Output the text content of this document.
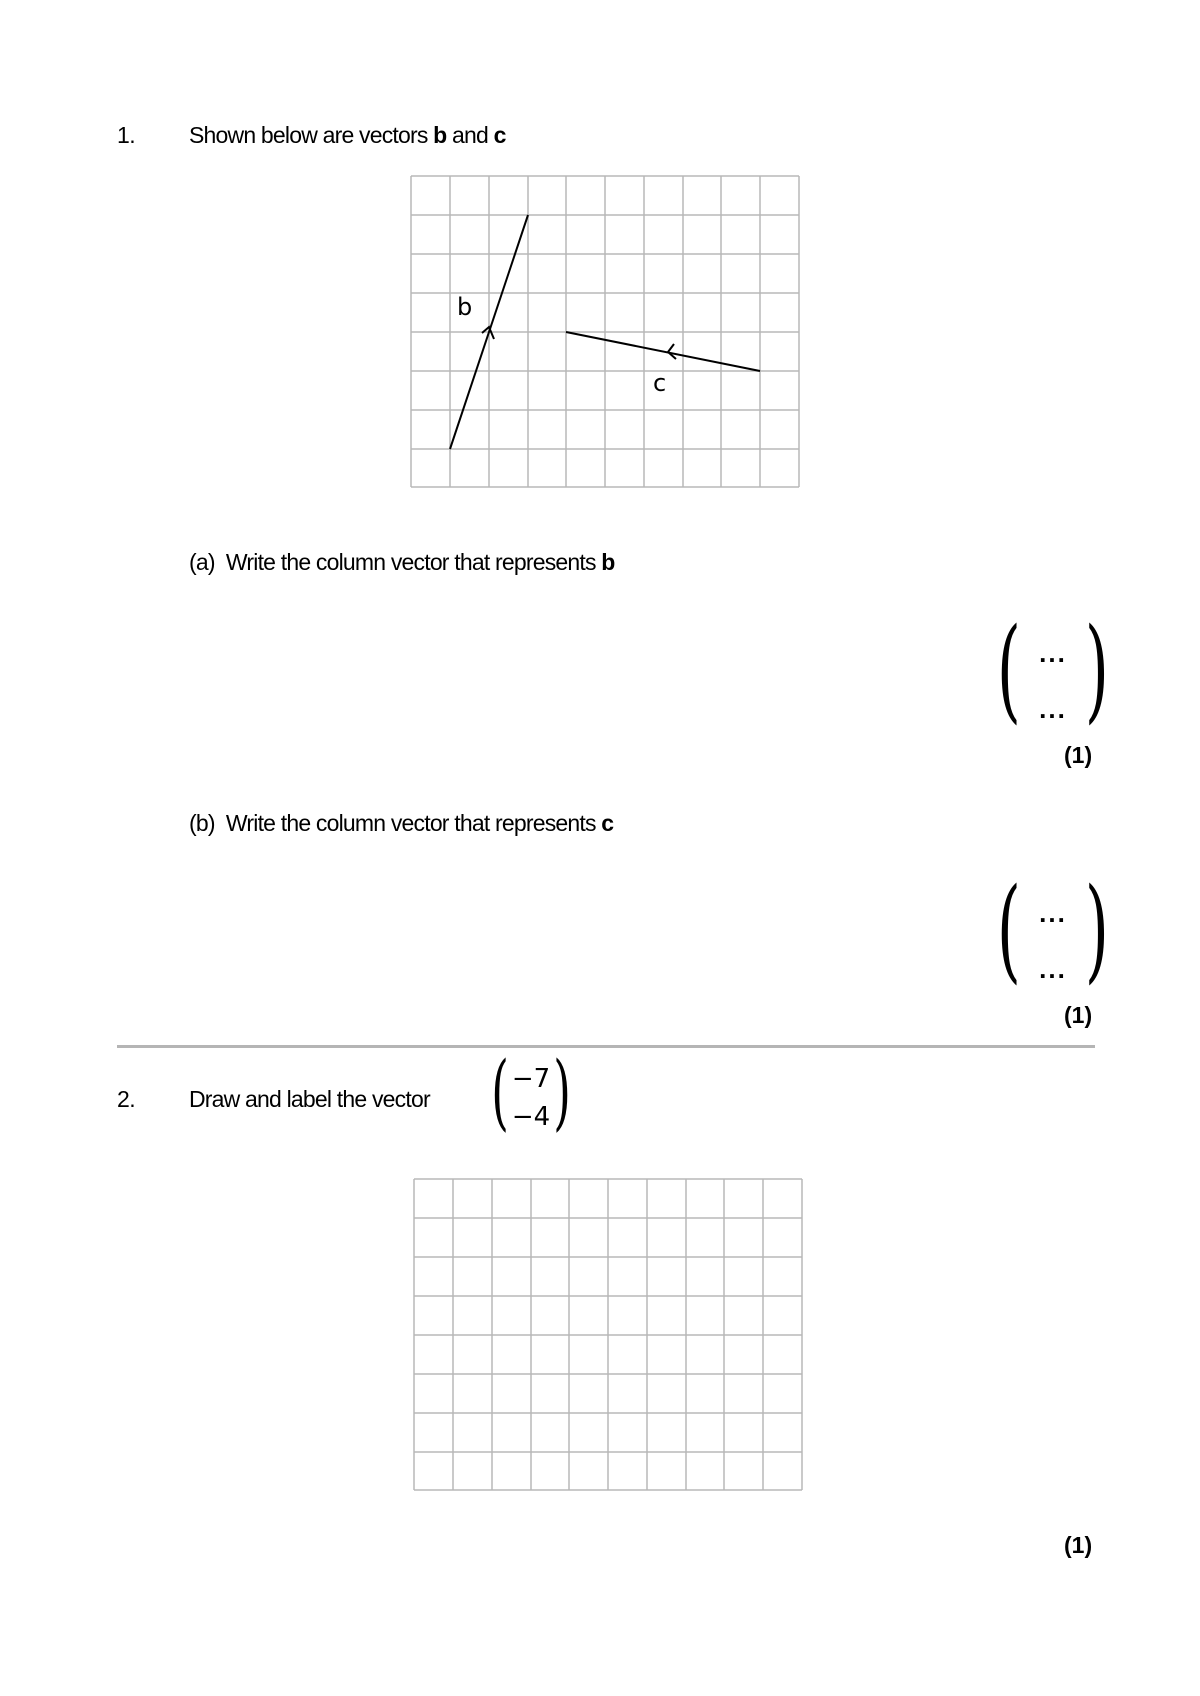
1. Shown below are vectors b and c
b
c
(a) Write the column vector that represents b
( )
...
...
(1)
(b) Write the column vector that represents c
( )
...
...
(1)
2. Draw and label the vector ( )
−7
−4
(1)
